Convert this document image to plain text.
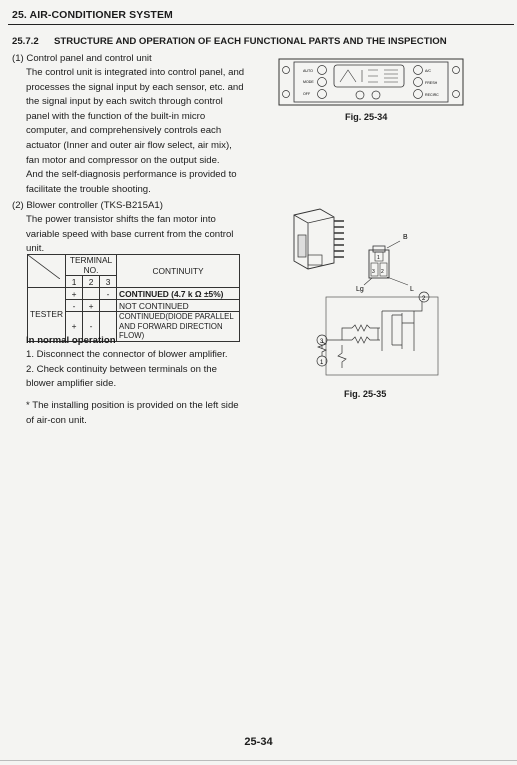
25. AIR-CONDITIONER SYSTEM
25.7.2 STRUCTURE AND OPERATION OF EACH FUNCTIONAL PARTS AND THE INSPECTION
(1) Control panel and control unit
The control unit is integrated into control panel, and
processes the signal input by each sensor, etc. and
the signal input by each switch through control
panel with the function of the built-in micro
computer, and comprehensively controls each
actuator (Inner and outer air flow select, air mix),
fan motor and compressor on the output side.
And the self-diagnosis performance is provided to
facilitate the trouble shooting.
AUTO
MODE
OFF
A/C
FRESH
RECIRC
Fig. 25-34
(2) Blower controller (TKS-B215A1)
The power transistor shifts the fan motor into
variable speed with base current from the control
unit.
	TERMINAL NO.			CONTINUITY
	1	2	3	
TESTER	+		-	CONTINUED (4.7 k Ω ±5%)
	-	+		NOT CONTINUED
	+	-		CONTINUED(DIODE PARALLEL
AND FORWARD DIRECTION FLOW)
In normal operation
1. Disconnect the connector of blower amplifier.
2. Check continuity between terminals on the
blower amplifier side.
* The installing position is provided on the left side
of air-con unit.
1
3 2
B
Lg	L
3
1
2
Fig. 25-35
25-34
